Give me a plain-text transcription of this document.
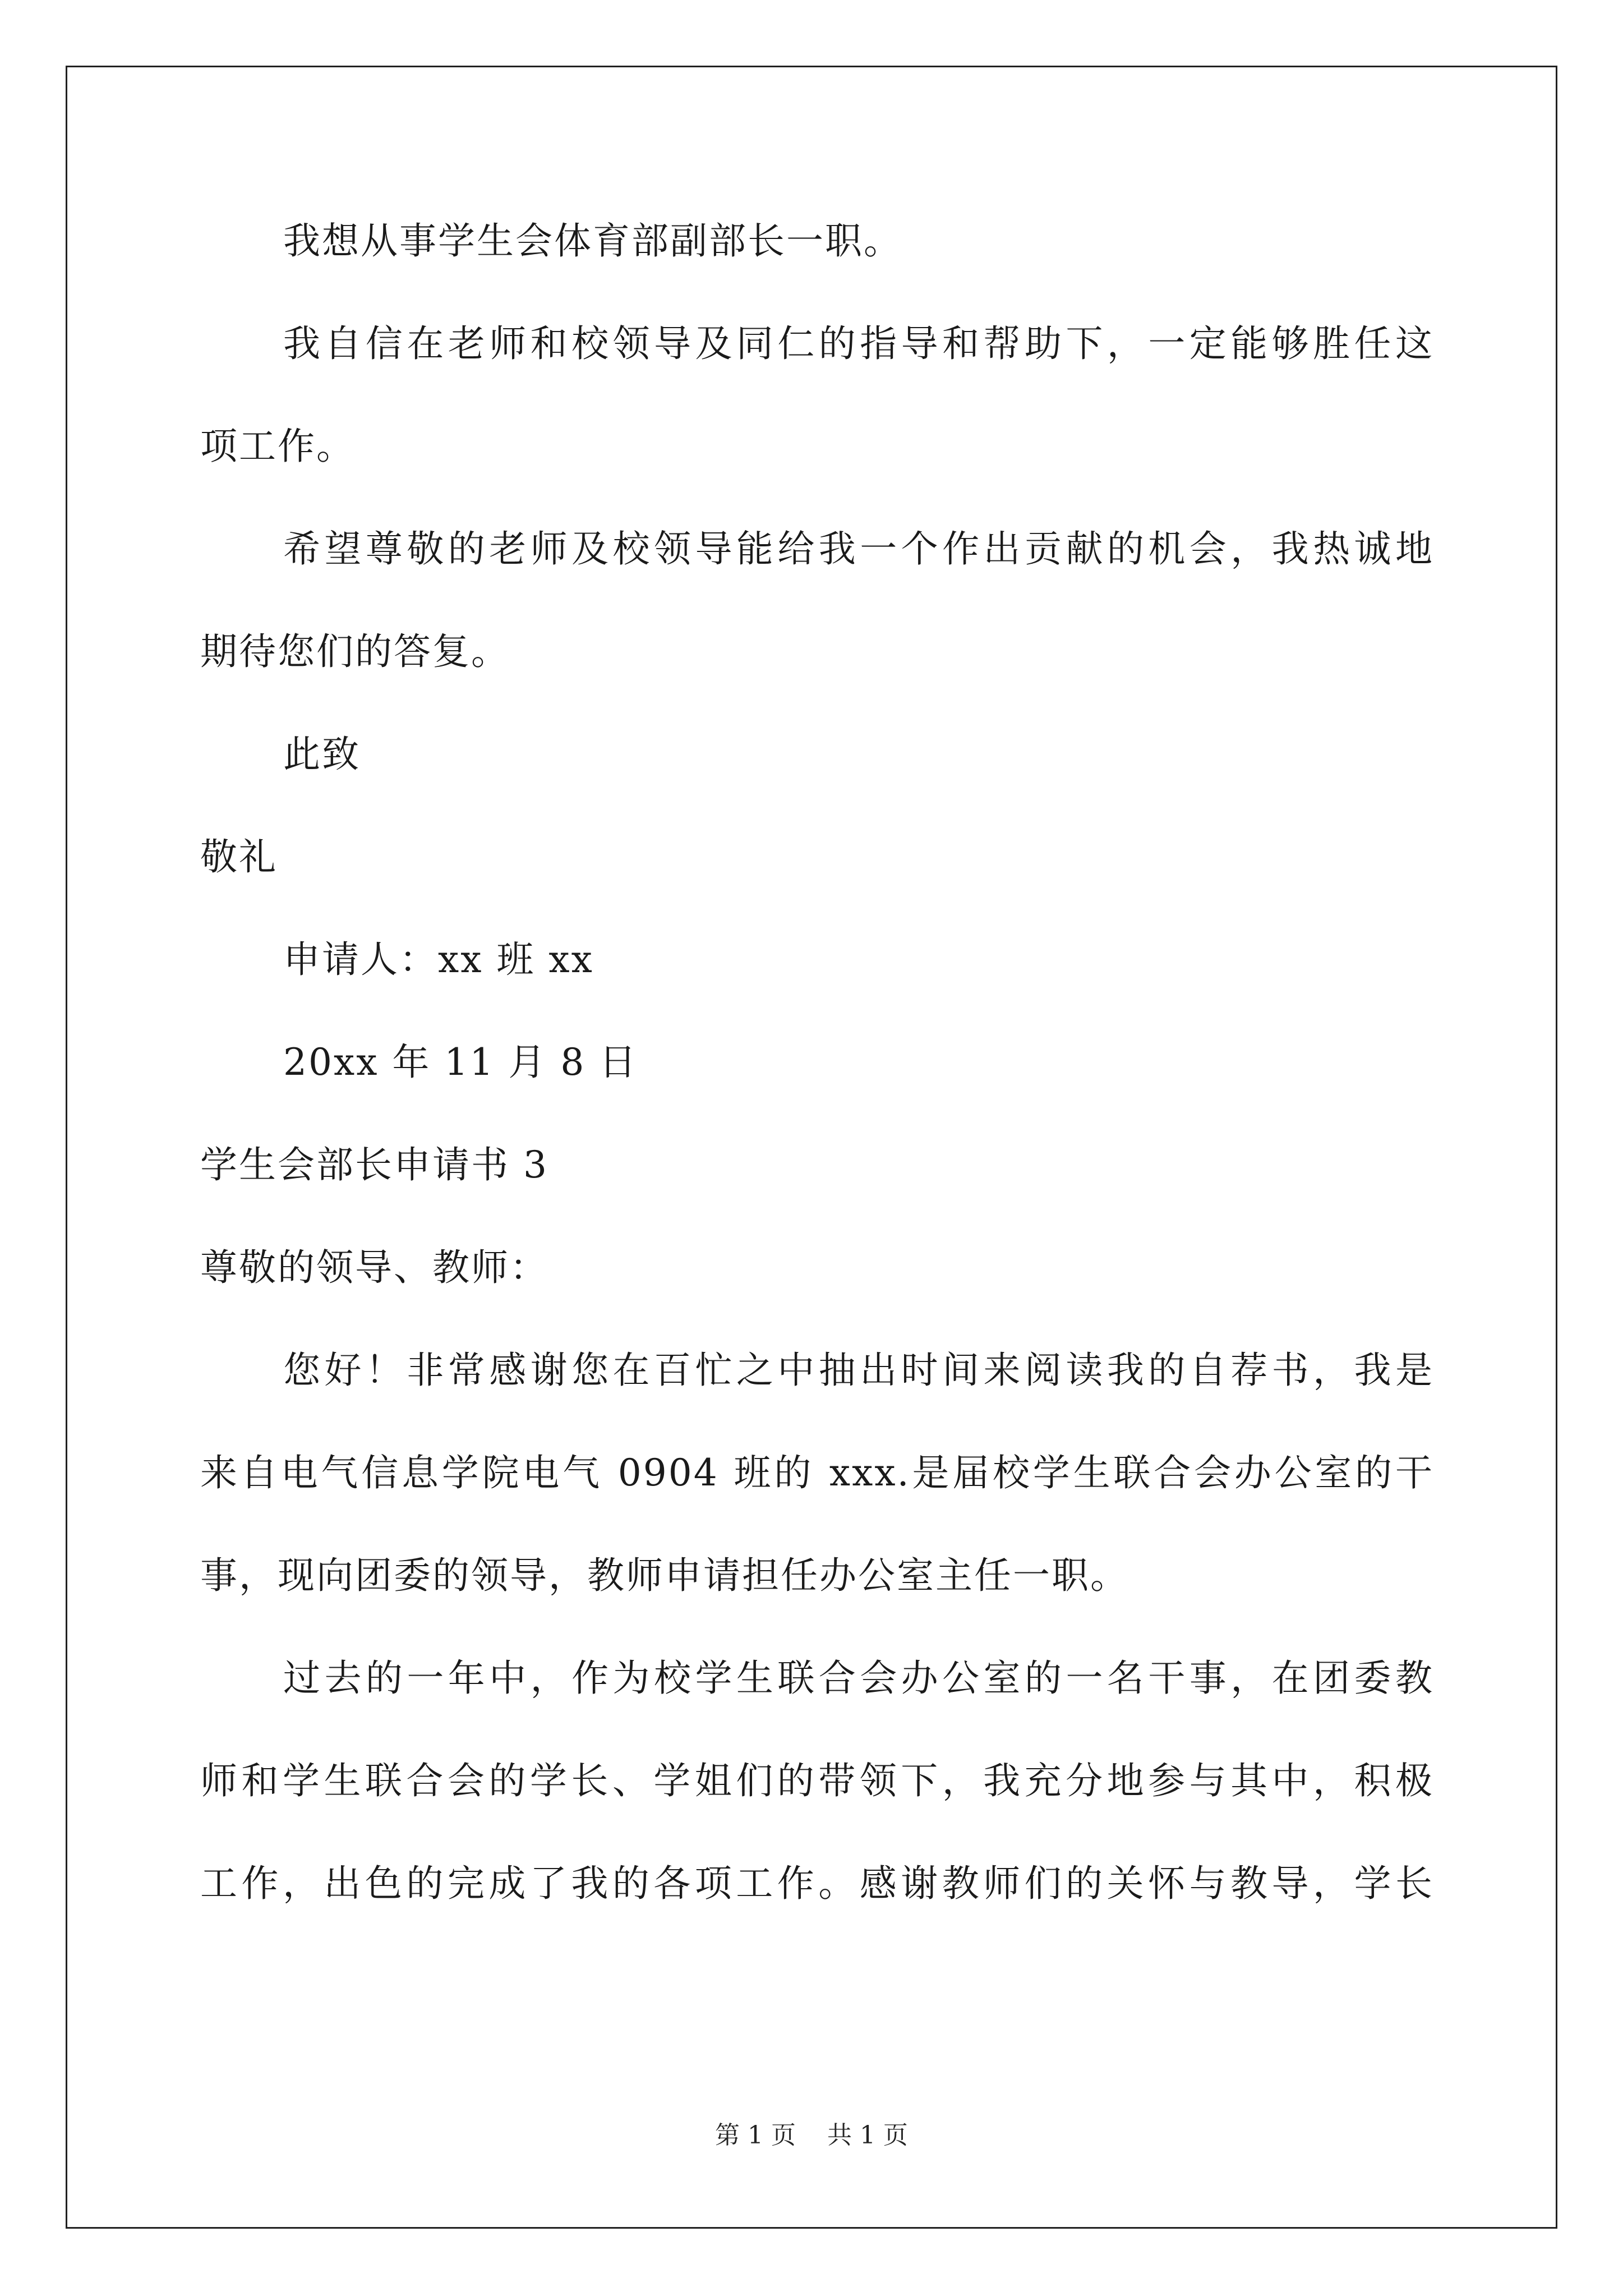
我想从事学生会体育部副部长一职。
我自信在老师和校领导及同仁的指导和帮助下，一定能够胜任这
项工作。
希望尊敬的老师及校领导能给我一个作出贡献的机会，我热诚地
期待您们的答复。
此致
敬礼
申请人：xx 班 xx
20xx 年 11 月 8 日
学生会部长申请书 3
尊敬的领导、教师：
您好！非常感谢您在百忙之中抽出时间来阅读我的自荐书，我是
来自电气信息学院电气 0904 班的 xxx.是届校学生联合会办公室的干
事，现向团委的领导，教师申请担任办公室主任一职。
过去的一年中，作为校学生联合会办公室的一名干事，在团委教
师和学生联合会的学长、学姐们的带领下，我充分地参与其中，积极
工作，出色的完成了我的各项工作。感谢教师们的关怀与教导，学长
第 1 页    共 1 页
